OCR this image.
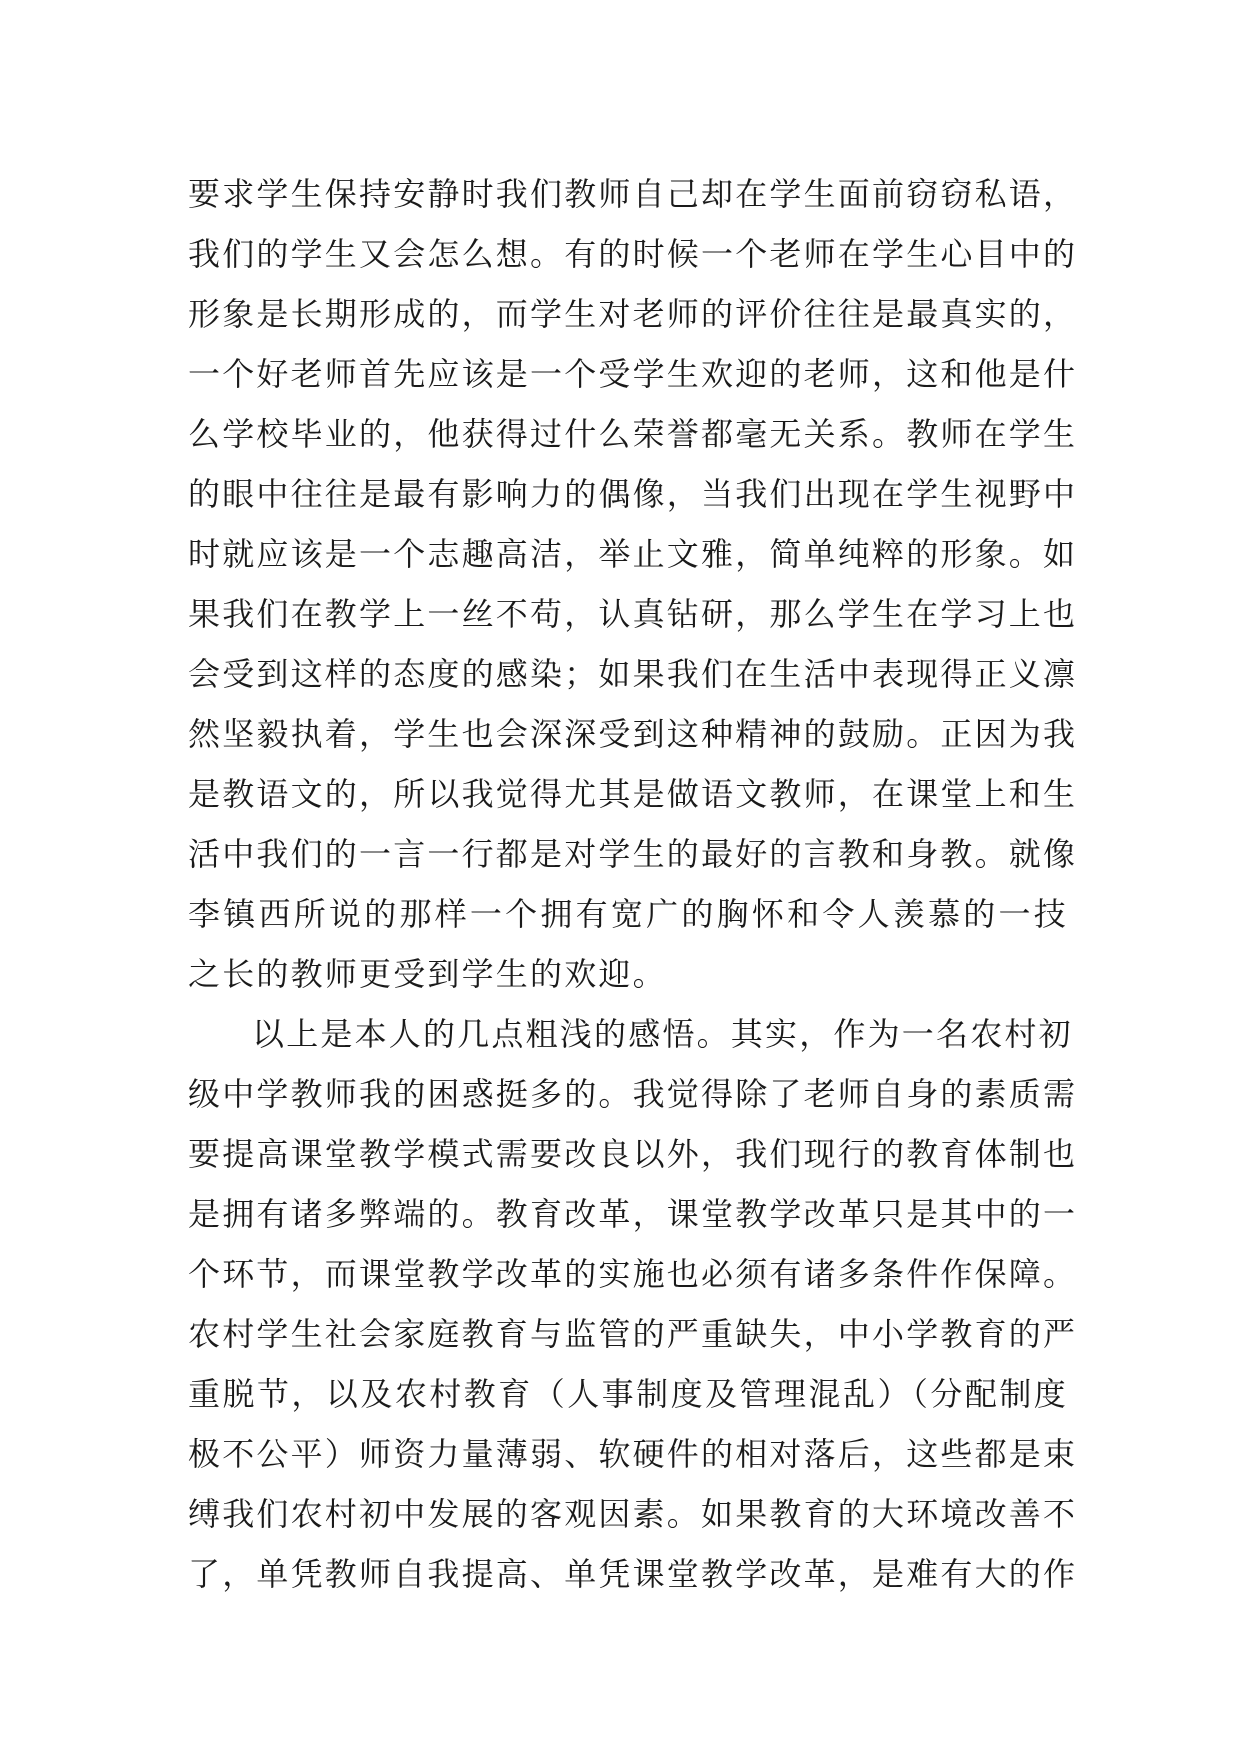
要求学生保持安静时我们教师自己却在学生面前窃窃私语，
我们的学生又会怎么想。有的时候一个老师在学生心目中的
形象是长期形成的，而学生对老师的评价往往是最真实的，
一个好老师首先应该是一个受学生欢迎的老师，这和他是什
么学校毕业的，他获得过什么荣誉都毫无关系。教师在学生
的眼中往往是最有影响力的偶像，当我们出现在学生视野中
时就应该是一个志趣高洁，举止文雅，简单纯粹的形象。如
果我们在教学上一丝不苟，认真钻研，那么学生在学习上也
会受到这样的态度的感染；如果我们在生活中表现得正义凛
然坚毅执着，学生也会深深受到这种精神的鼓励。正因为我
是教语文的，所以我觉得尤其是做语文教师，在课堂上和生
活中我们的一言一行都是对学生的最好的言教和身教。就像
李镇西所说的那样一个拥有宽广的胸怀和令人羡慕的一技
之长的教师更受到学生的欢迎。
以上是本人的几点粗浅的感悟。其实，作为一名农村初
级中学教师我的困惑挺多的。我觉得除了老师自身的素质需
要提高课堂教学模式需要改良以外，我们现行的教育体制也
是拥有诸多弊端的。教育改革，课堂教学改革只是其中的一
个环节，而课堂教学改革的实施也必须有诸多条件作保障。
农村学生社会家庭教育与监管的严重缺失，中小学教育的严
重脱节，以及农村教育（人事制度及管理混乱）（分配制度
极不公平）师资力量薄弱、软硬件的相对落后，这些都是束
缚我们农村初中发展的客观因素。如果教育的大环境改善不
了，单凭教师自我提高、单凭课堂教学改革，是难有大的作
